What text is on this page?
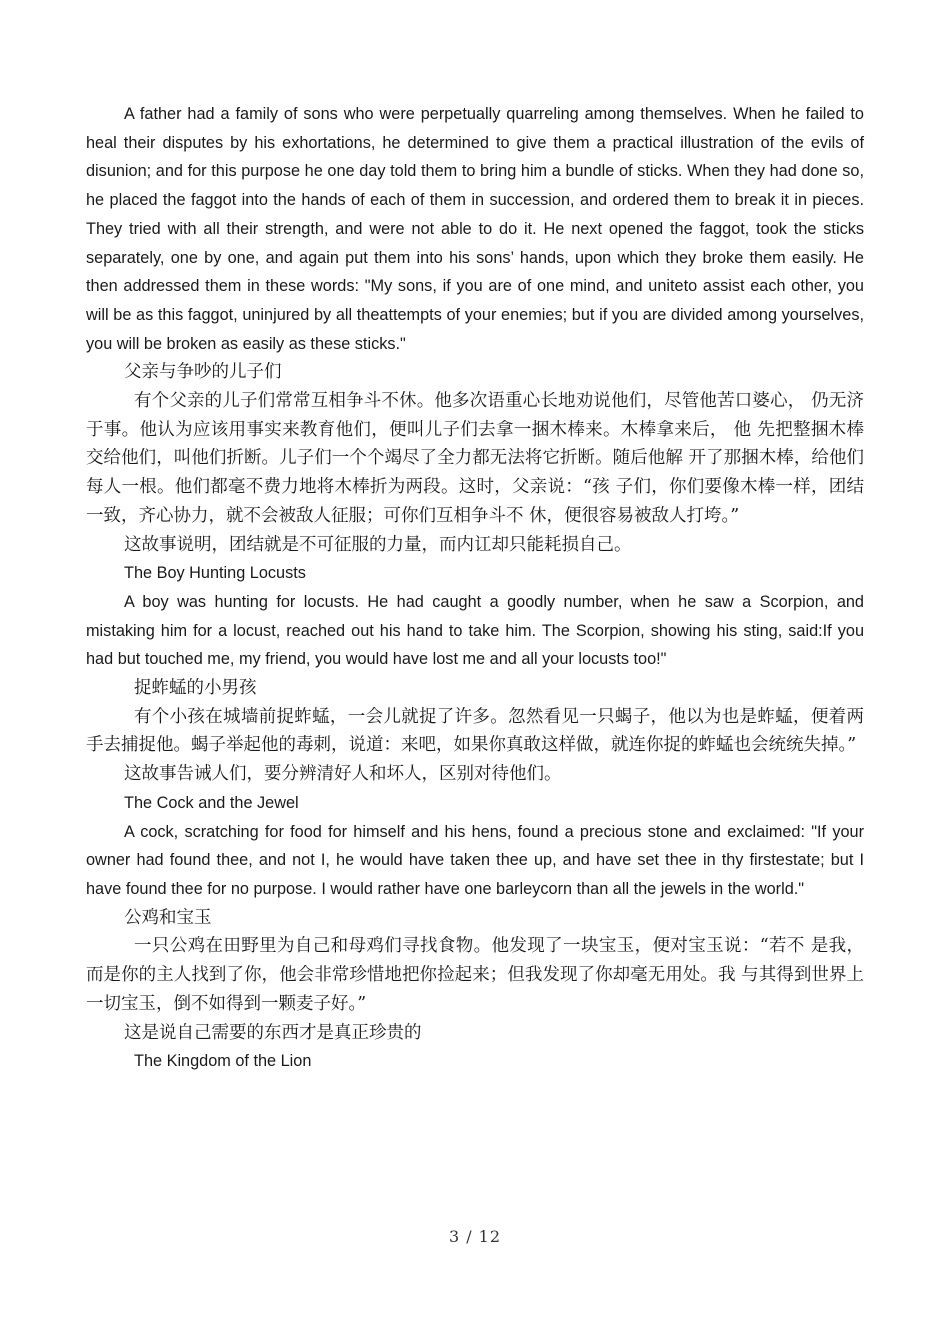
A father had a family of sons who were perpetually quarreling among themselves. When he failed to heal their disputes by his exhortations, he determined to give them a practical illustration of the evils of disunion; and for this purpose he one day told them to bring him a bundle of sticks. When they had done so, he placed the faggot into the hands of each of them in succession, and ordered them to break it in pieces. They tried with all their strength, and were not able to do it. He next opened the faggot, took the sticks separately, one by one, and again put them into his sons’ hands, upon which they broke them easily. He then addressed them in these words: "My sons, if you are of one mind, and uniteto assist each other, you will be as this faggot, uninjured by all theattempts of your enemies; but if you are divided among yourselves, you will be broken as easily as these sticks."

父亲与争吵的儿子们

有个父亲的儿子们常常互相争斗不休。他多次语重心长地劝说他们，尽管他苦口婆心， 仍无济于事。他认为应该用事实来教育他们，便叫儿子们去拿一捆木棒来。木棒拿来后， 他 先把整捆木棒交给他们，叫他们折断。儿子们一个个竭尽了全力都无法将它折断。随后他解 开了那捆木棒，给他们每人一根。他们都毫不费力地将木棒折为两段。这时，父亲说：“孩 子们，你们要像木棒一样，团结一致，齐心协力，就不会被敌人征服；可你们互相争斗不 休，便很容易被敌人打垮。”

这故事说明，团结就是不可征服的力量，而内讧却只能耗损自己。

The Boy Hunting Locusts

A boy was hunting for locusts. He had caught a goodly number, when he saw a Scorpion, and mistaking him for a locust, reached out his hand to take him. The Scorpion, showing his sting, said:If you had but touched me, my friend, you would have lost me and all your locusts too!"

捉蚱蜢的小男孩

有个小孩在城墙前捉蚱蜢，一会儿就捉了许多。忽然看见一只蝎子，他以为也是蚱蜢，便着两手去捕捉他。蝎子举起他的毒刺，说道：来吧，如果你真敢这样做，就连你捉的蚱蜢也会统统失掉。”

这故事告诫人们，要分辨清好人和坏人，区别对待他们。

The Cock and the Jewel

A cock, scratching for food for himself and his hens, found a precious stone and exclaimed: "If your owner had found thee, and not I, he would have taken thee up, and have set thee in thy firstestate; but I have found thee for no purpose. I would rather have one barleycorn than all the jewels in the world."

公鸡和宝玉

一只公鸡在田野里为自己和母鸡们寻找食物。他发现了一块宝玉，便对宝玉说：“若不 是我，而是你的主人找到了你，他会非常珍惜地把你捡起来；但我发现了你却毫无用处。我 与其得到世界上一切宝玉，倒不如得到一颗麦子好。”

这是说自己需要的东西才是真正珍贵的

The Kingdom of the Lion

3 / 12
